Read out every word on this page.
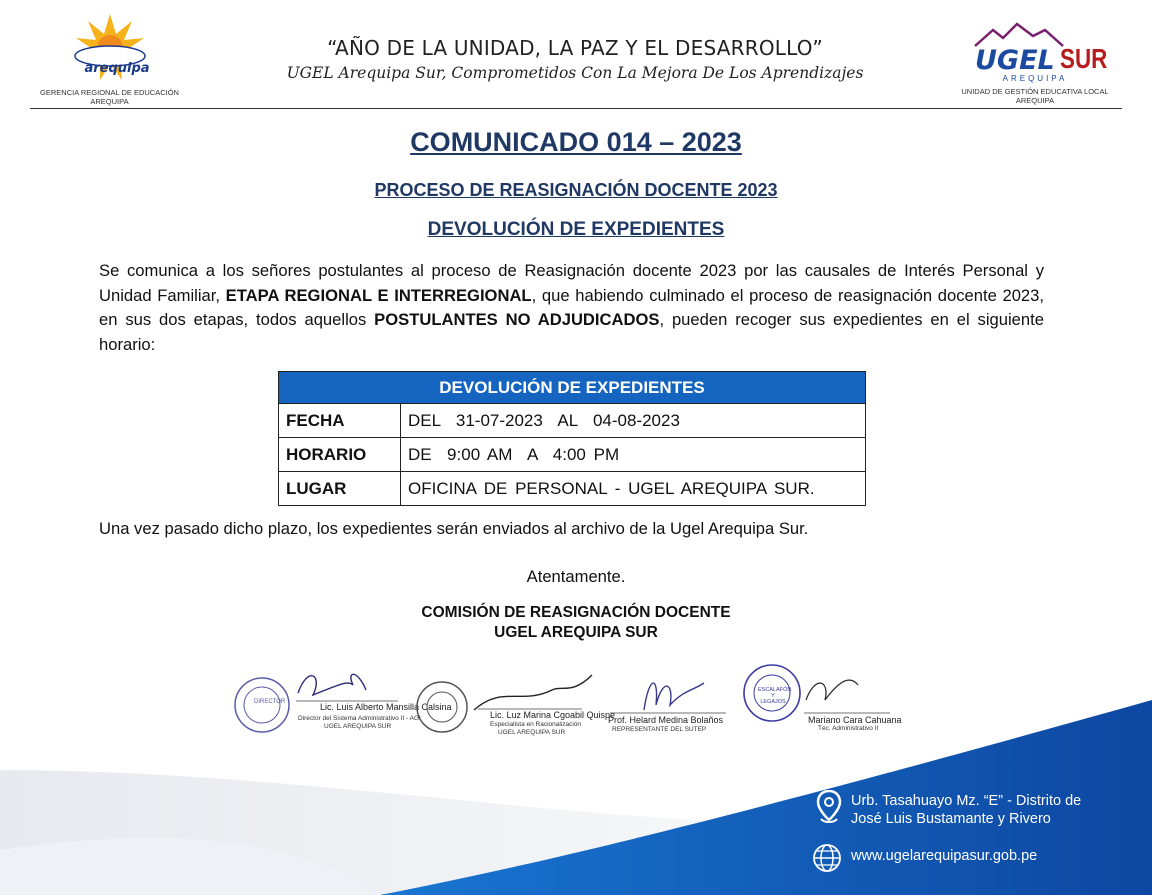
arequipa
GERENCIA REGIONAL DE EDUCACIÓN
AREQUIPA
“AÑO DE LA UNIDAD, LA PAZ Y EL DESARROLLO”
UGEL Arequipa Sur, Comprometidos Con La Mejora De Los Aprendizajes	UGEL SUR
AREQUIPA
UNIDAD DE GESTIÓN EDUCATIVA LOCAL
AREQUIPA
COMUNICADO 014 – 2023
PROCESO DE REASIGNACIÓN DOCENTE 2023
DEVOLUCIÓN DE EXPEDIENTES
Se comunica a los señores postulantes al proceso de Reasignación docente 2023 por las causales de Interés Personal y Unidad Familiar, ETAPA REGIONAL E INTERREGIONAL, que habiendo culminado el proceso de reasignación docente 2023, en sus dos etapas, todos aquellos POSTULANTES NO ADJUDICADOS, pueden recoger sus expedientes en el siguiente horario:
DEVOLUCIÓN DE EXPEDIENTES	
FECHA	DEL  31-07-2023  AL  04-08-2023
HORARIO	DE  9:00 AM  A  4:00 PM
LUGAR	OFICINA DE PERSONAL - UGEL AREQUIPA SUR.
Una vez pasado dicho plazo, los expedientes serán enviados al archivo de la Ugel Arequipa Sur.
Atentamente.
COMISIÓN DE REASIGNACIÓN DOCENTE
UGEL AREQUIPA SUR
DIRECTOR	Lic. Luis Alberto Mansilla Calsina
Director del Sistema Administrativo II - AGI
UGEL AREQUIPA SUR
Lic. Luz Marina Cgoabil Quispe
Especialista en Racionalización
UGEL AREQUIPA SUR
Prof. Helard Medina Bolaños
REPRESENTANTE DEL SUTEP
ESCALAFÓN Y LEGAJOS
Mariano Cara Cahuana
Téc. Administrativo II
Urb. Tasahuayo Mz. “E” - Distrito de
José Luis Bustamante y Rivero
www.ugelarequipasur.gob.pe
